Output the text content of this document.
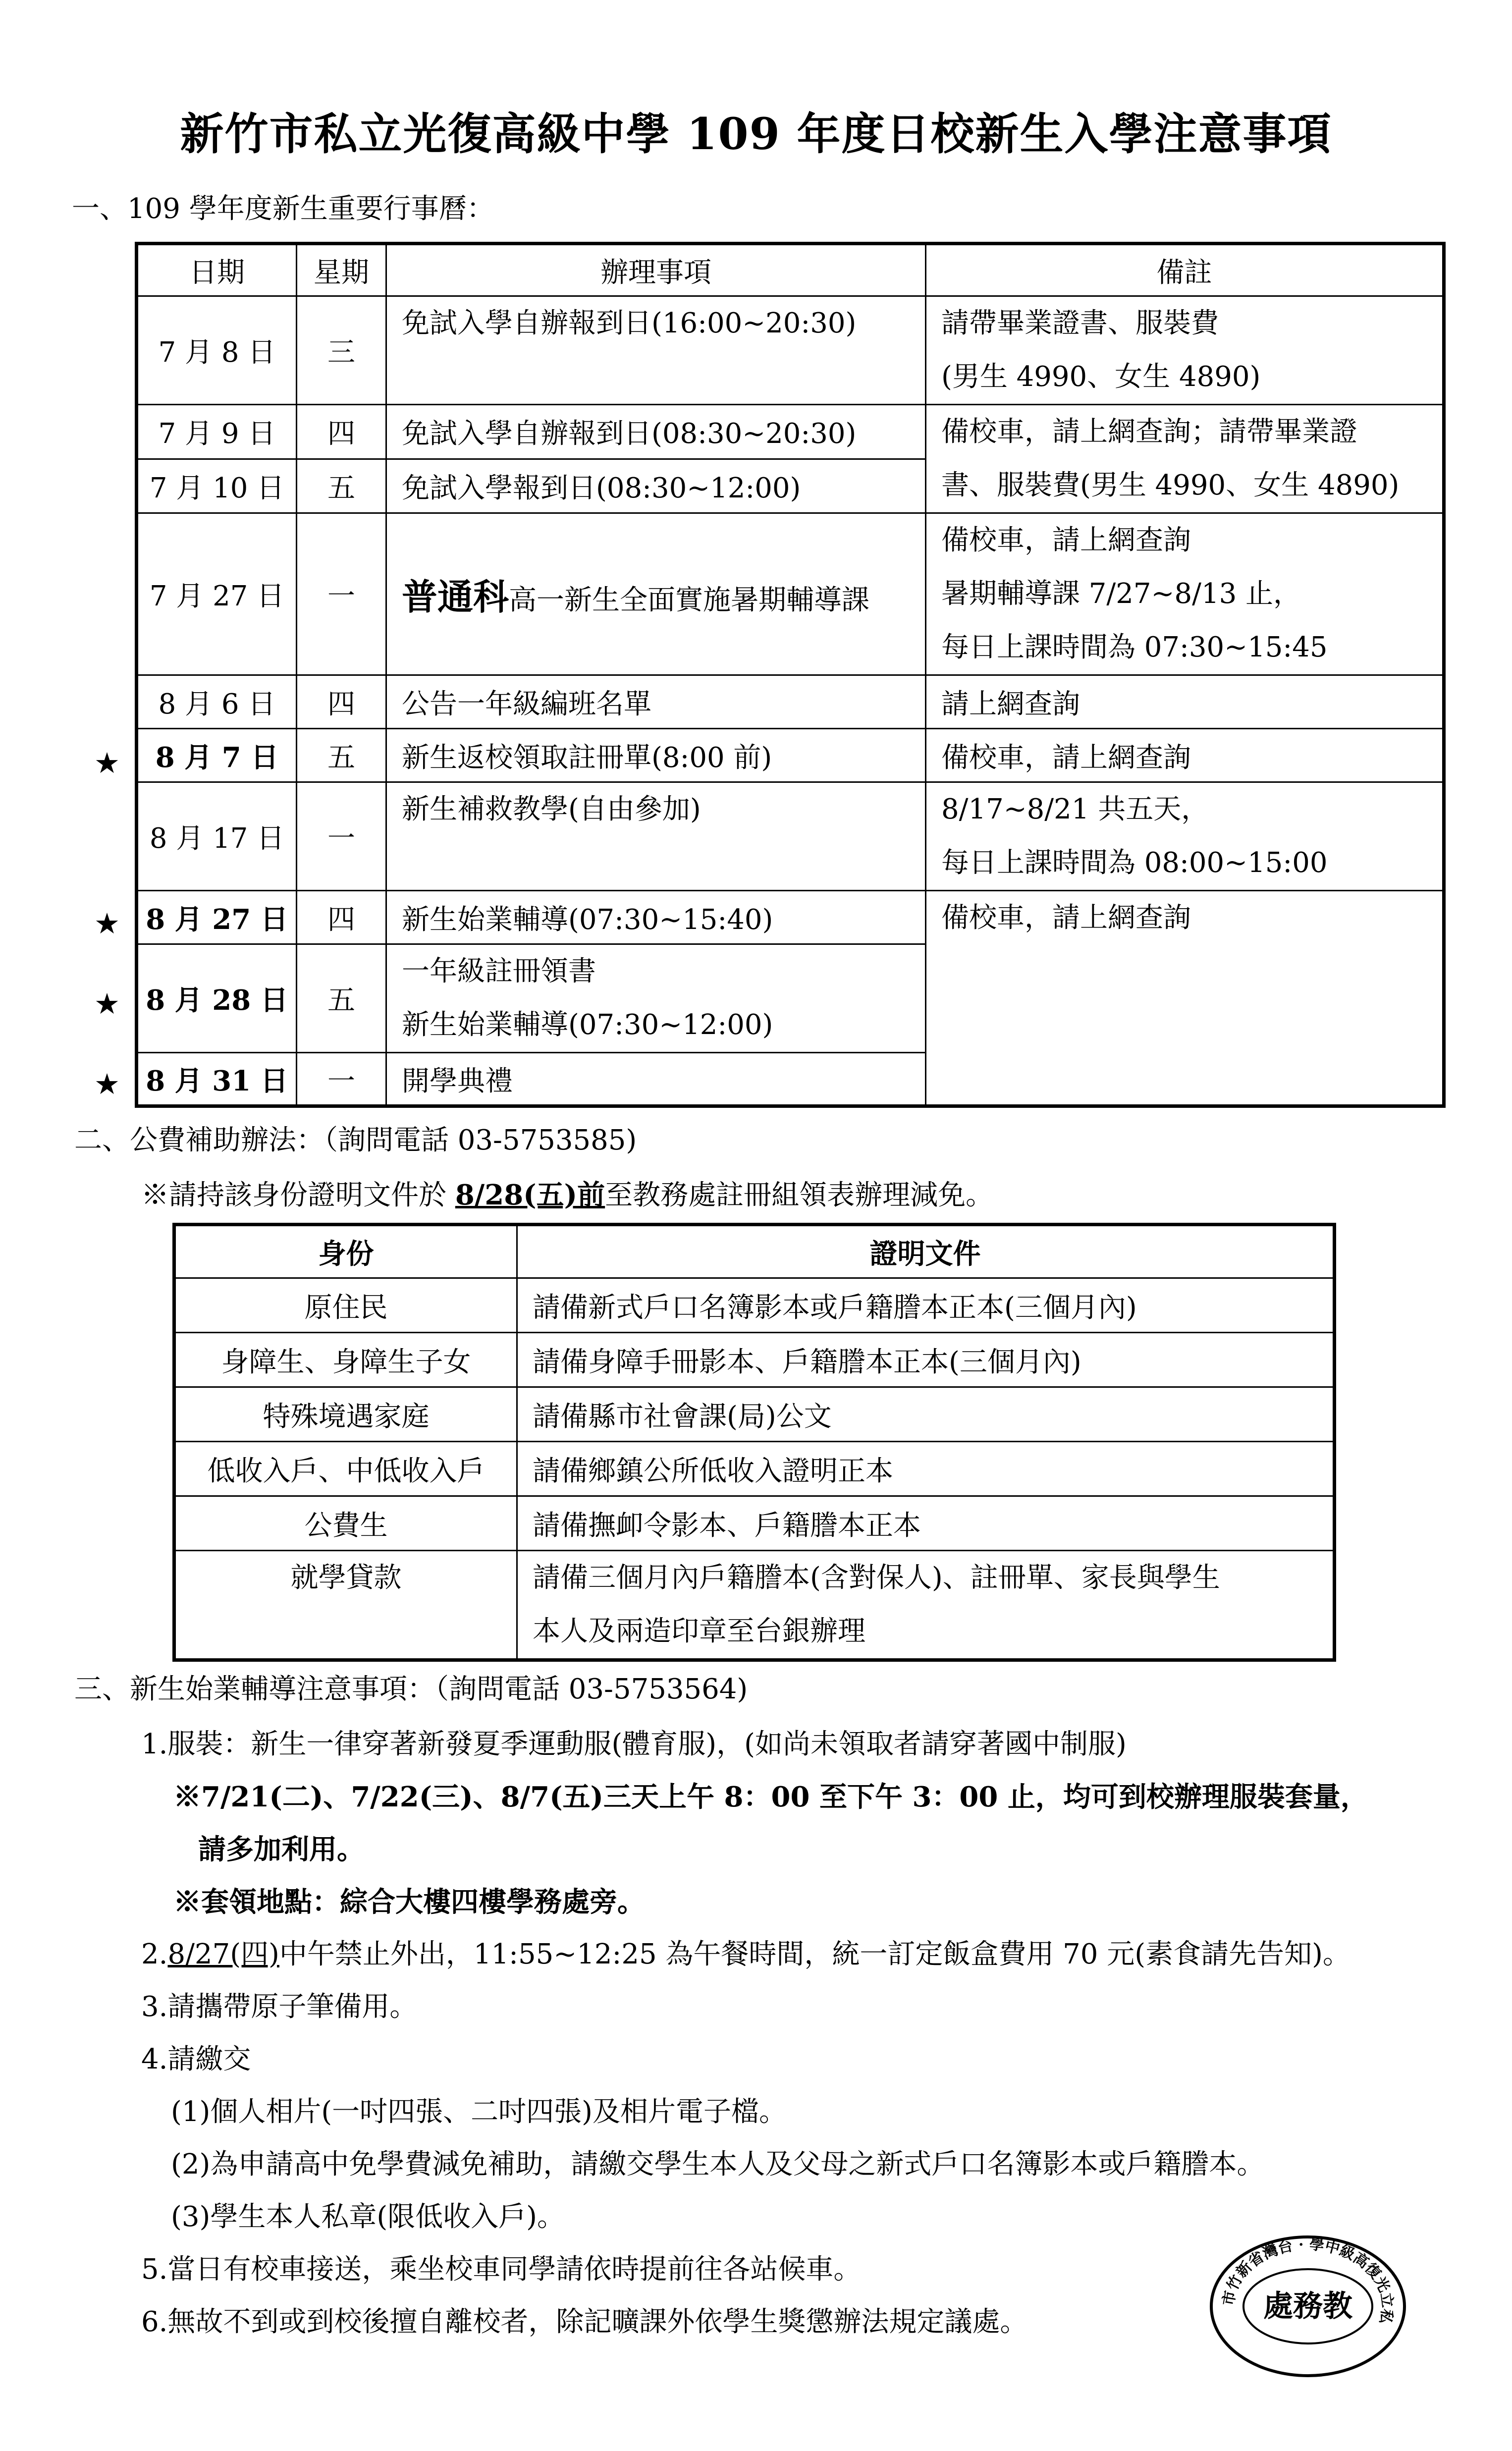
新竹市私立光復高級中學 109 年度日校新生入學注意事項
一、109 學年度新生重要行事曆：
日期	星期	辦理事項	備註
7 月 8 日	三	免試入學自辦報到日(16:00~20:30)	請帶畢業證書、服裝費
(男生 4990、女生 4890)

7 月 9 日	四	免試入學自辦報到日(08:30~20:30)	備校車，請上網查詢；請帶畢業證
書、服裝費(男生 4990、女生 4890)

7 月 10 日	五	免試入學報到日(08:30~12:00)	
7 月 27 日	一	普通科高一新生全面實施暑期輔導課	備校車，請上網查詢
暑期輔導課 7/27~8/13 止，
每日上課時間為 07:30~15:45

8 月 6 日	四	公告一年級編班名單	請上網查詢
8 月 7 日	五	新生返校領取註冊單(8:00 前)	備校車，請上網查詢
8 月 17 日	一	新生補救教學(自由參加)	8/17~8/21 共五天，
每日上課時間為 08:00~15:00

8 月 27 日	四	新生始業輔導(07:30~15:40)	備校車，請上網查詢

8 月 28 日	五	一年級註冊領書
新生始業輔導(07:30~12:00)	

8 月 31 日	一	開學典禮	
★
★
★
★
二、公費補助辦法：（詢問電話 03-5753585)
※請持該身份證明文件於 8/28(五)前至教務處註冊組領表辦理減免。
身份	證明文件
原住民	請備新式戶口名簿影本或戶籍謄本正本(三個月內)
身障生、身障生子女	請備身障手冊影本、戶籍謄本正本(三個月內)
特殊境遇家庭	請備縣市社會課(局)公文
低收入戶、中低收入戶	請備鄉鎮公所低收入證明正本
公費生	請備撫卹令影本、戶籍謄本正本

就學貸款	請備三個月內戶籍謄本(含對保人)、註冊單、家長與學生
本人及兩造印章至台銀辦理
三、新生始業輔導注意事項：（詢問電話 03-5753564)
1.服裝：新生一律穿著新發夏季運動服(體育服)，(如尚未領取者請穿著國中制服)
※7/21(二)、7/22(三)、8/7(五)三天上午 8：00 至下午 3：00 止，均可到校辦理服裝套量，
請多加利用。
※套領地點：綜合大樓四樓學務處旁。
2.8/27(四)中午禁止外出，11:55~12:25 為午餐時間，統一訂定飯盒費用 70 元(素食請先告知)。
3.請攜帶原子筆備用。
4.請繳交
(1)個人相片(一吋四張、二吋四張)及相片電子檔。
(2)為申請高中免學費減免補助，請繳交學生本人及父母之新式戶口名簿影本或戶籍謄本。
(3)學生本人私章(限低收入戶)。
5.當日有校車接送，乘坐校車同學請依時提前往各站候車。
6.無故不到或到校後擅自離校者，除記曠課外依學生獎懲辦法規定議處。
市竹新省灣台 · 學中級高復光立私
處務教
